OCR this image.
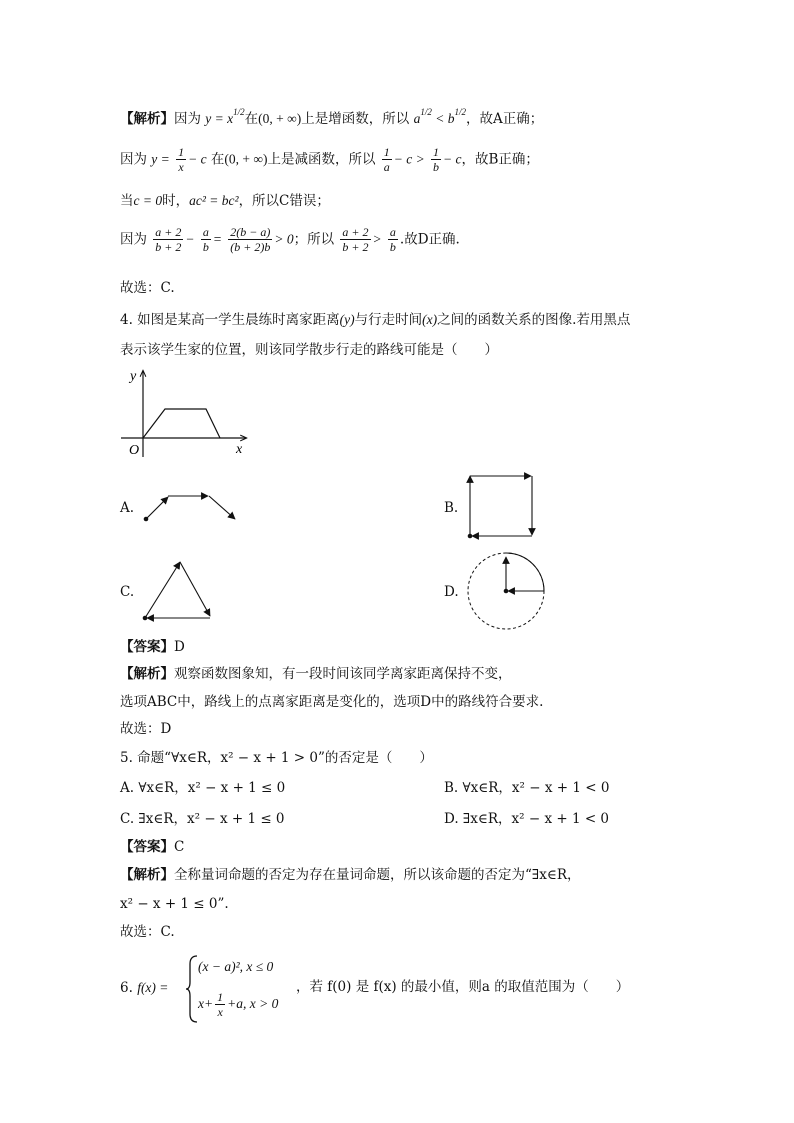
【解析】因为 $y = x^{1/2}$在(0, + ∞)上是增函数，所以 $a^{1/2} < b^{1/2}$，故A正确；
因为 $y = \frac{1}{x} - c$ 在(0, + ∞)上是减函数，所以 $\frac{1}{a} - c > \frac{1}{b} - c$，故B正确；
当c = 0时，ac² = bc²，所以C错误；
因为 $\frac{a + 2}{b + 2} - \frac{a}{b} = \frac{2(b - a)}{(b + 2)b} > 0$；所以 $\frac{a + 2}{b + 2} > \frac{a}{b}$ .故D正确.
故选：C.
4. 如图是某高一学生晨练时离家距离(y)与行走时间(x)之间的函数关系的图像.若用黑点
表示该学生家的位置，则该同学散步行走的路线可能是（　　）
y
x
O
A.	B.
C.	D.
【答案】D
【解析】观察函数图象知，有一段时间该同学离家距离保持不变，
选项ABC中，路线上的点离家距离是变化的，选项D中的路线符合要求.
故选：D
5. 命题“∀x∈R，x² − x + 1 > 0”的否定是（　　）
A. ∀x∈R，x² − x + 1 ≤ 0	B. ∀x∈R，x² − x + 1 < 0
C. ∃x∈R，x² − x + 1 ≤ 0	D. ∃x∈R，x² − x + 1 < 0
【答案】C
【解析】全称量词命题的否定为存在量词命题，所以该命题的否定为“∃x∈R，
x² − x + 1 ≤ 0”.
故选：C.
6. f(x) =
(x − a)², x ≤ 0
$x+ \frac{1}{x} +a$, x > 0
，若 f(0) 是 f(x) 的最小值，则a 的取值范围为（　　）
